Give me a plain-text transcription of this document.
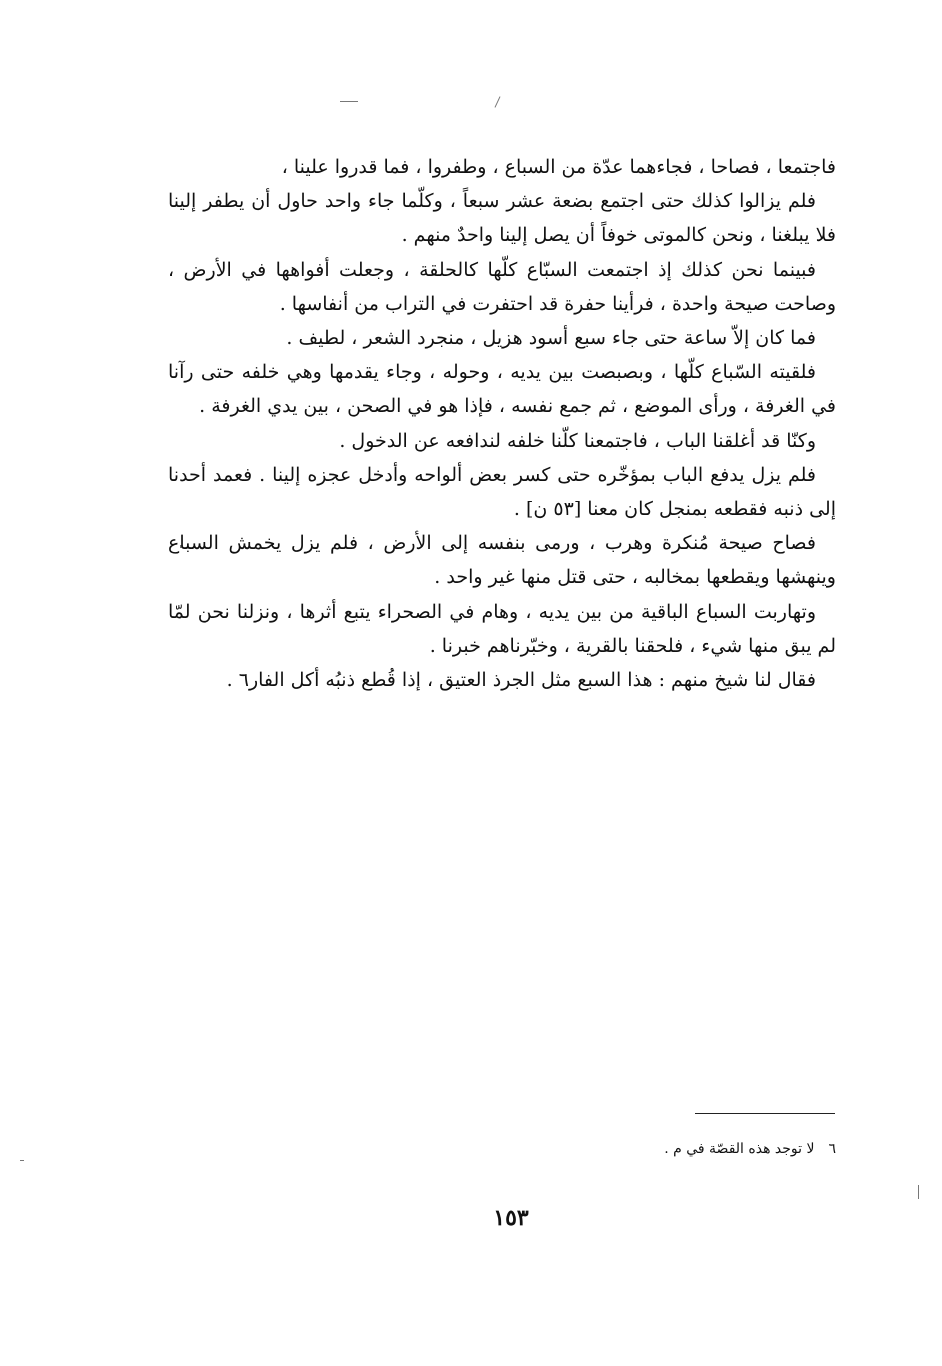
فاجتمعا ، فصاحا ، فجاءهما عدّة من السباع ، وطفروا ، فما قدروا علينا ،

فلم يزالوا كذلك حتى اجتمع بضعة عشر سبعاً ، وكلّما جاء واحد حاول أن يطفر إلينا فلا يبلغنا ، ونحن كالموتى خوفاً أن يصل إلينا واحدٌ منهم .

فبينما نحن كذلك إذ اجتمعت السبّاع كلّها كالحلقة ، وجعلت أفواهها في الأرض ، وصاحت صيحة واحدة ، فرأينا حفرة قد احتفرت في التراب من أنفاسها .

فما كان إلاّ ساعة حتى جاء سبع أسود هزيل ، منجرد الشعر ، لطيف .

فلقيته السّباع كلّها ، وبصبصت بين يديه ، وحوله ، وجاء يقدمها وهي خلفه حتى رآنا في الغرفة ، ورأى الموضع ، ثم جمع نفسه ، فإذا هو في الصحن ، بين يدي الغرفة .

وكنّا قد أغلقنا الباب ، فاجتمعنا كلّنا خلفه لندافعه عن الدخول .

فلم يزل يدفع الباب بمؤخّره حتى كسر بعض ألواحه وأدخل عجزه إلينا . فعمد أحدنا إلى ذنبه فقطعه بمنجل كان معنا [٥٣ ن] .

فصاح صيحة مُنكرة وهرب ، ورمى بنفسه إلى الأرض ، فلم يزل يخمش السباع وينهشها ويقطعها بمخالبه ، حتى قتل منها غير واحد .

وتهاربت السباع الباقية من بين يديه ، وهام في الصحراء يتبع أثرها ، ونزلنا نحن لمّا لم يبق منها شيء ، فلحقنا بالقرية ، وخبّرناهم خبرنا .

فقال لنا شيخ منهم : هذا السبع مثل الجرذ العتيق ، إذا قُطع ذنبُه أكل الفار٦ .

٦لا توجد هذه القصّة في م .
١٥٣
